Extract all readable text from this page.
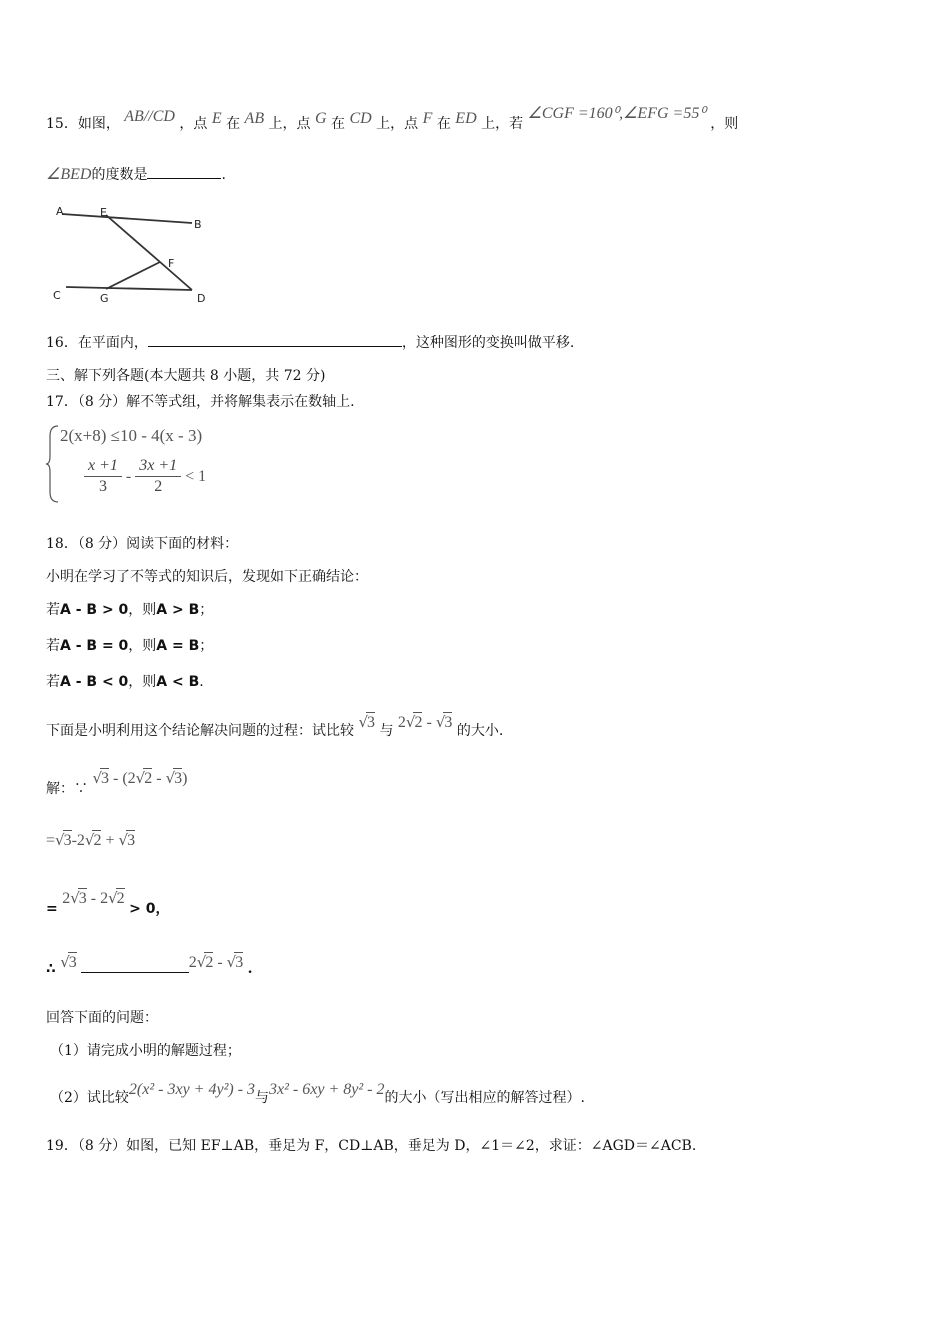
15．如图， AB//CD ，点 E 在 AB 上，点 G 在 CD 上，点 F 在 ED 上，若 ∠CGF =160⁰,∠EFG =55⁰ ，则
∠BED的度数是	.
A	E
B
F
C	G	D
16．在平面内，	，这种图形的变换叫做平移.
三、解下列各题(本大题共 8 小题，共 72 分)
17．（8 分）解不等式组，并将解集表示在数轴上.
2(x+8) ≤10 - 4(x - 3)
$\frac{x +1}{3} - \frac{3x +1}{2} < 1$
18．（8 分）阅读下面的材料：
小明在学习了不等式的知识后，发现如下正确结论：
若A - B > 0，则A > B；
若A - B = 0，则A = B；
若A - B < 0，则A < B.
下面是小明利用这个结论解决问题的过程：试比较 √3 与 2√2 - √3 的大小.
解：∵ √3 - (2√2 - √3)
=√3-2√2 + √3
= 2√3 - 2√2 > 0，
∴ √3	2√2 - √3 .
回答下面的问题：
（1）请完成小明的解题过程；
（2）试比较2(x² - 3xy + 4y²) - 3与3x² - 6xy + 8y² - 2的大小（写出相应的解答过程）.
19．（8 分）如图，已知 EF⊥AB，垂足为 F，CD⊥AB，垂足为 D，∠1＝∠2，求证：∠AGD＝∠ACB.
